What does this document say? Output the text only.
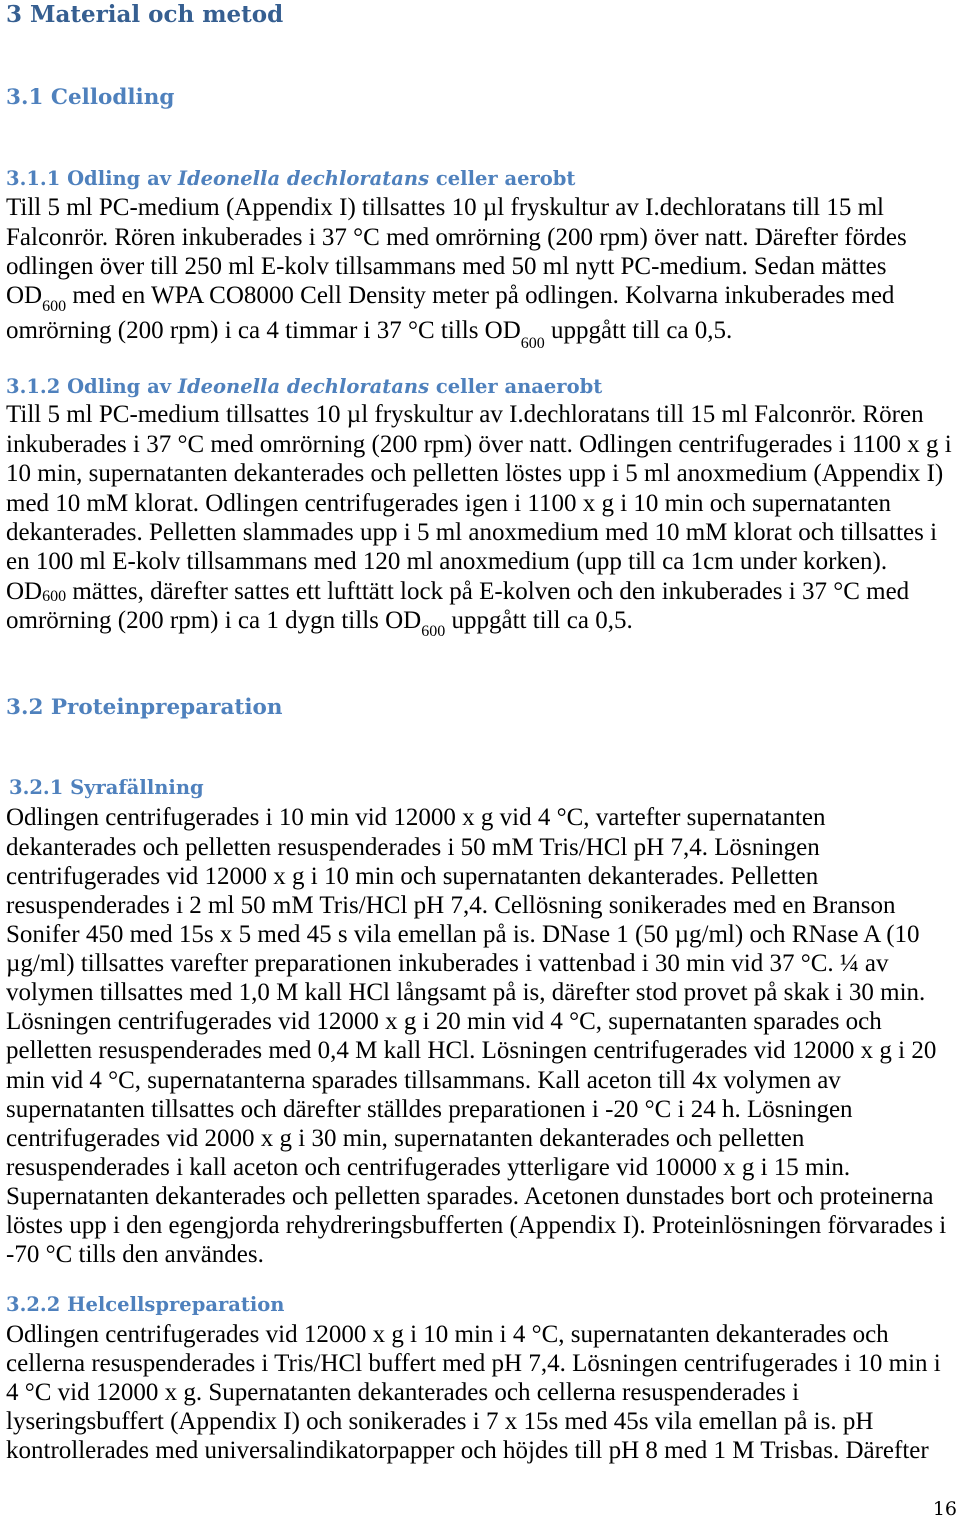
3 Material och metod
3.1 Cellodling
3.1.1 Odling av Ideonella dechloratans celler aerobt
Till 5 ml PC-medium (Appendix I) tillsattes 10 µl fryskultur av I.dechloratans till 15 ml
Falconrör. Rören inkuberades i 37 °C med omrörning (200 rpm) över natt. Därefter fördes
odlingen över till 250 ml E-kolv tillsammans med 50 ml nytt PC-medium. Sedan mättes
$OD_{600}$ med en WPA CO8000 Cell Density meter på odlingen. Kolvarna inkuberades med
omrörning (200 rpm) i ca 4 timmar i 37 °C tills $OD_{600}$ uppgått till ca 0,5.
3.1.2 Odling av Ideonella dechloratans celler anaerobt
Till 5 ml PC-medium tillsattes 10 µl fryskultur av I.dechloratans till 15 ml Falconrör. Rören
inkuberades i 37 °C med omrörning (200 rpm) över natt. Odlingen centrifugerades i 1100 x g i
10 min, supernatanten dekanterades och pelletten löstes upp i 5 ml anoxmedium (Appendix I)
med 10 mM klorat. Odlingen centrifugerades igen i 1100 x g i 10 min och supernatanten
dekanterades. Pelletten slammades upp i 5 ml anoxmedium med 10 mM klorat och tillsattes i
en 100 ml E-kolv tillsammans med 120 ml anoxmedium (upp till ca 1cm under korken).
OD600 mättes, därefter sattes ett lufttätt lock på E-kolven och den inkuberades i 37 °C med
omrörning (200 rpm) i ca 1 dygn tills $OD_{600}$ uppgått till ca 0,5.
3.2 Proteinpreparation
3.2.1 Syrafällning
Odlingen centrifugerades i 10 min vid 12000 x g vid 4 °C, vartefter supernatanten
dekanterades och pelletten resuspenderades i 50 mM Tris/HCl pH 7,4. Lösningen
centrifugerades vid 12000 x g i 10 min och supernatanten dekanterades. Pelletten
resuspenderades i 2 ml 50 mM Tris/HCl pH 7,4. Cellösning sonikerades med en Branson
Sonifer 450 med 15s x 5 med 45 s vila emellan på is. DNase 1 (50 µg/ml) och RNase A (10
µg/ml) tillsattes varefter preparationen inkuberades i vattenbad i 30 min vid 37 °C. ¼ av
volymen tillsattes med 1,0 M kall HCl långsamt på is, därefter stod provet på skak i 30 min.
Lösningen centrifugerades vid 12000 x g i 20 min vid 4 °C, supernatanten sparades och
pelletten resuspenderades med 0,4 M kall HCl. Lösningen centrifugerades vid 12000 x g i 20
min vid 4 °C, supernatanterna sparades tillsammans. Kall aceton till 4x volymen av
supernatanten tillsattes och därefter ställdes preparationen i -20 °C i 24 h. Lösningen
centrifugerades vid 2000 x g i 30 min, supernatanten dekanterades och pelletten
resuspenderades i kall aceton och centrifugerades ytterligare vid 10000 x g i 15 min.
Supernatanten dekanterades och pelletten sparades. Acetonen dunstades bort och proteinerna
löstes upp i den egengjorda rehydreringsbufferten (Appendix I). Proteinlösningen förvarades i
-70 °C tills den användes.
3.2.2 Helcellspreparation
Odlingen centrifugerades vid 12000 x g i 10 min i 4 °C, supernatanten dekanterades och
cellerna resuspenderades i Tris/HCl buffert med pH 7,4. Lösningen centrifugerades i 10 min i
4 °C vid 12000 x g. Supernatanten dekanterades och cellerna resuspenderades i
lyseringsbuffert (Appendix I) och sonikerades i 7 x 15s med 45s vila emellan på is. pH
kontrollerades med universalindikatorpapper och höjdes till pH 8 med 1 M Trisbas. Därefter
16
